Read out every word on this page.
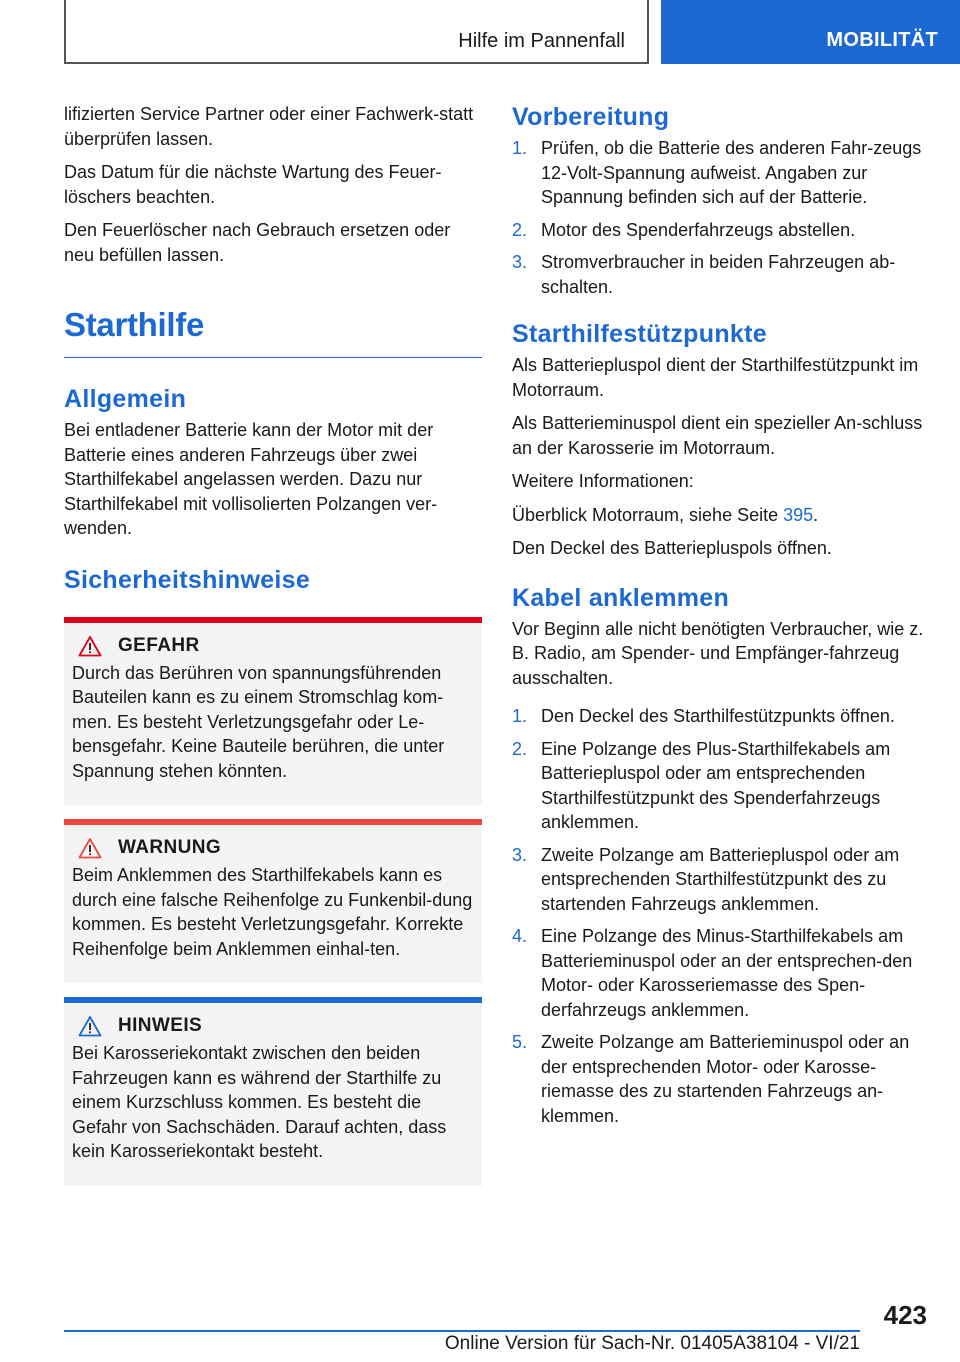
Hilfe im Pannenfall	MOBILITÄT

lifizierten Service Partner oder einer Fachwerk-statt überprüfen lassen.

Das Datum für die nächste Wartung des Feuer-löschers beachten.

Den Feuerlöscher nach Gebrauch ersetzen oder neu befüllen lassen.

Starthilfe
Allgemein

Bei entladener Batterie kann der Motor mit der Batterie eines anderen Fahrzeugs über zwei Starthilfekabel angelassen werden. Dazu nur Starthilfekabel mit vollisolierten Polzangen ver-wenden.

Sicherheitshinweise
GEFAHR
Durch das Berühren von spannungsführenden Bauteilen kann es zu einem Stromschlag kom-men. Es besteht Verletzungsgefahr oder Le-bensgefahr. Keine Bauteile berühren, die unter Spannung stehen könnten.
WARNUNG
Beim Anklemmen des Starthilfekabels kann es durch eine falsche Reihenfolge zu Funkenbil-dung kommen. Es besteht Verletzungsgefahr. Korrekte Reihenfolge beim Anklemmen einhal-ten.
HINWEIS
Bei Karosseriekontakt zwischen den beiden Fahrzeugen kann es während der Starthilfe zu einem Kurzschluss kommen. Es besteht die Gefahr von Sachschäden. Darauf achten, dass kein Karosseriekontakt besteht.
Vorbereitung
1. Prüfen, ob die Batterie des anderen Fahr-zeugs 12-Volt-Spannung aufweist. Angaben zur Spannung befinden sich auf der Batterie.
2. Motor des Spenderfahrzeugs abstellen.
3. Stromverbraucher in beiden Fahrzeugen ab-schalten.
Starthilfestützpunkte

Als Batteriepluspol dient der Starthilfestützpunkt im Motorraum.

Als Batterieminuspol dient ein spezieller An-schluss an der Karosserie im Motorraum.

Weitere Informationen:

Überblick Motorraum, siehe Seite 395.

Den Deckel des Batteriepluspols öffnen.

Kabel anklemmen

Vor Beginn alle nicht benötigten Verbraucher, wie z. B. Radio, am Spender- und Empfänger-fahrzeug ausschalten.

1. Den Deckel des Starthilfestützpunkts öffnen.
2. Eine Polzange des Plus-Starthilfekabels am Batteriepluspol oder am entsprechenden Starthilfestützpunkt des Spenderfahrzeugs anklemmen.
3. Zweite Polzange am Batteriepluspol oder am entsprechenden Starthilfestützpunkt des zu startenden Fahrzeugs anklemmen.
4. Eine Polzange des Minus-Starthilfekabels am Batterieminuspol oder an der entsprechen-den Motor- oder Karosseriemasse des Spen-derfahrzeugs anklemmen.
5. Zweite Polzange am Batterieminuspol oder an der entsprechenden Motor- oder Karosse-riemasse des zu startenden Fahrzeugs an-klemmen.
423
Online Version für Sach-Nr. 01405A38104 - VI/21
